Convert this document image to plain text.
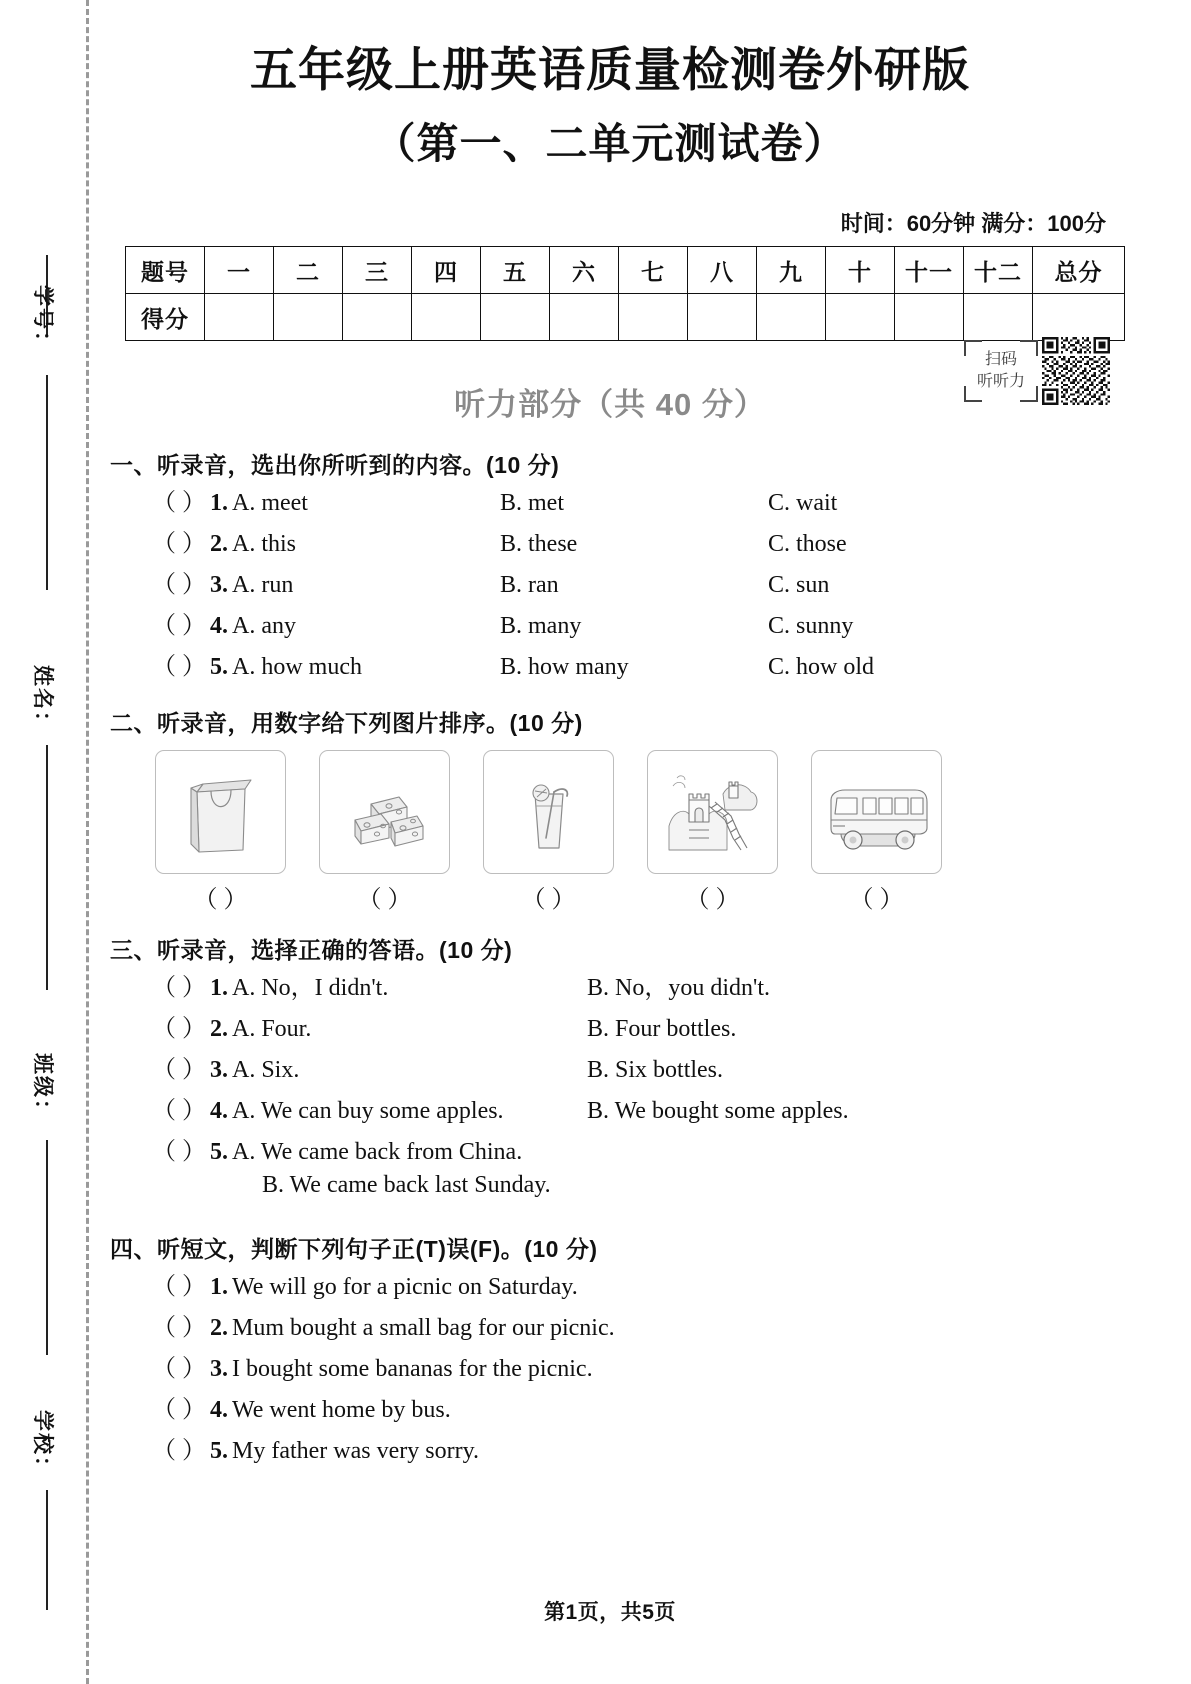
学号：
姓名：
班级：
学校：
五年级上册英语质量检测卷外研版
（第一、二单元测试卷）
时间：60分钟 满分：100分
题号	一	二	三	四	五	六	七	八	九	十	十一	十二	总分
得分													
听力部分（共 40 分）
扫码
听听力
一、听录音，选出你所听到的内容。(10 分)
（ ） 1. A. meet	B. met	C. wait
（ ） 2. A. this	B. these	C. those
（ ） 3. A. run	B. ran	C. sun
（ ） 4. A. any	B. many	C. sunny
（ ） 5. A. how much	B. how many	C. how old
二、听录音，用数字给下列图片排序。(10 分)
（ ）	（ ）	（ ）	（ ）	（ ）
三、听录音，选择正确的答语。(10 分)
（ ） 1. A. No，I didn't.	B. No，you didn't.
（ ） 2. A. Four.	B. Four bottles.
（ ） 3. A. Six.	B. Six bottles.
（ ） 4. A. We can buy some apples.	B. We bought some apples.
（ ） 5. A. We came back from China.
B. We came back last Sunday.
四、听短文，判断下列句子正(T)误(F)。(10 分)
（ ） 1. We will go for a picnic on Saturday.
（ ） 2. Mum bought a small bag for our picnic.
（ ） 3. I bought some bananas for the picnic.
（ ） 4. We went home by bus.
（ ） 5. My father was very sorry.
第1页，共5页
